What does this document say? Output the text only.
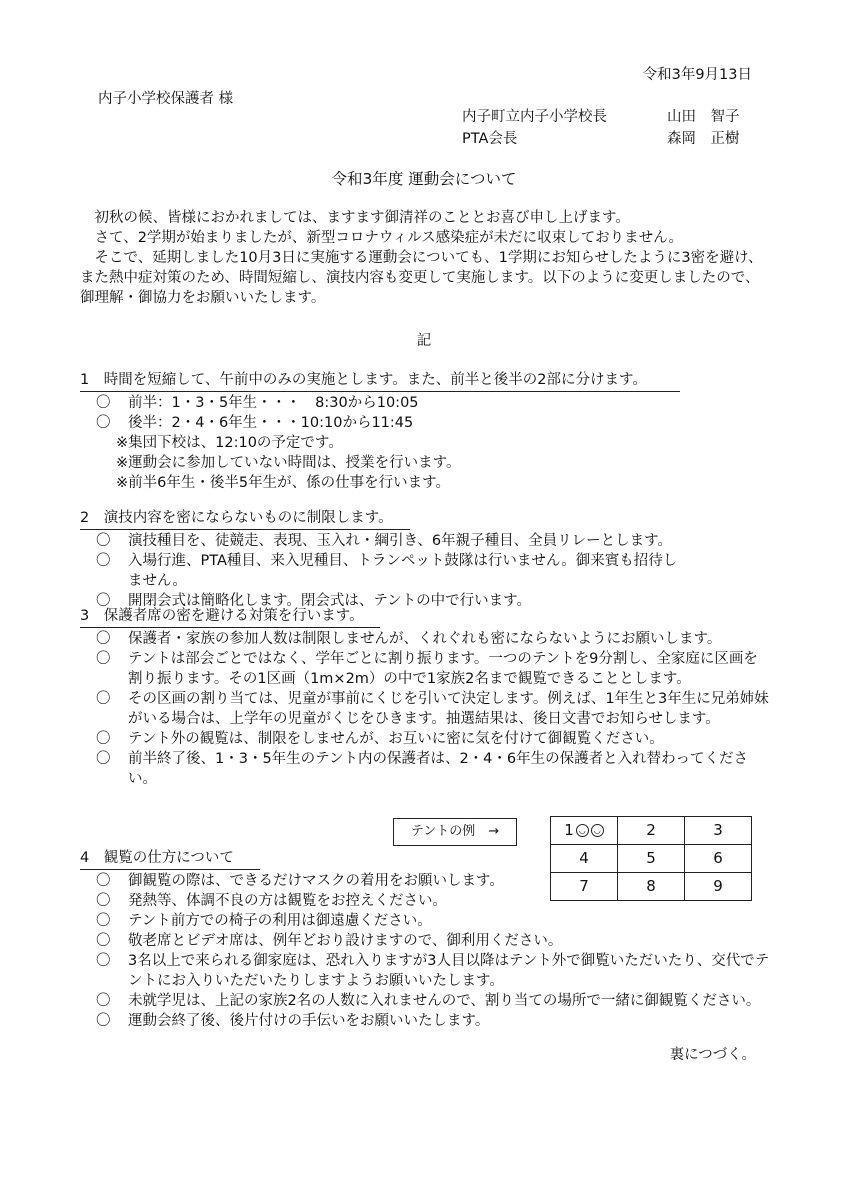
令和3年9月13日
内子小学校保護者 様
内子町立内子小学校長	山田　智子
PTA会長	森岡　正樹
令和3年度 運動会について

初秋の候、皆様におかれましては、ますます御清祥のこととお喜び申し上げます。

さて、2学期が始まりましたが、新型コロナウィルス感染症が未だに収束しておりません。

そこで、延期しました10月3日に実施する運動会についても、1学期にお知らせしたように3密を避け、また熱中症対策のため、時間短縮し、演技内容も変更して実施します。以下のように変更しましたので、御理解・御協力をお願いいたします。

記
1　時間を短縮して、午前中のみの実施とします。また、前半と後半の2部に分けます。
〇	前半：1・3・5年生・・・　8:30から10:05
〇	後半：2・4・6年生・・・10:10から11:45
※集団下校は、12:10の予定です。
※運動会に参加していない時間は、授業を行います。
※前半6年生・後半5年生が、係の仕事を行います。
2　演技内容を密にならないものに制限します。
〇	演技種目を、徒競走、表現、玉入れ・綱引き、6年親子種目、全員リレーとします。
〇	入場行進、PTA種目、来入児種目、トランペット鼓隊は行いません。御来賓も招待しません。
〇	開閉会式は簡略化します。閉会式は、テントの中で行います。
3　保護者席の密を避ける対策を行います。
〇	保護者・家族の参加人数は制限しませんが、くれぐれも密にならないようにお願いします。
〇	テントは部会ごとではなく、学年ごとに割り振ります。一つのテントを9分割し、全家庭に区画を割り振ります。その1区画（1m×2m）の中で1家族2名まで観覧できることとします。
〇	その区画の割り当ては、児童が事前にくじを引いて決定します。例えば、1年生と3年生に兄弟姉妹がいる場合は、上学年の児童がくじをひきます。抽選結果は、後日文書でお知らせします。
〇	テント外の観覧は、制限をしませんが、お互いに密に気を付けて御観覧ください。
〇	前半終了後、1・3・5年生のテント内の保護者は、2・4・6年生の保護者と入れ替わってください。
テントの例　→	1 ◡ ◡	2	3
4	5	6
7	8	9
4　観覧の仕方について
〇	御観覧の際は、できるだけマスクの着用をお願いします。
〇	発熱等、体調不良の方は観覧をお控えください。
〇	テント前方での椅子の利用は御遠慮ください。
〇	敬老席とビデオ席は、例年どおり設けますので、御利用ください。
〇	3名以上で来られる御家庭は、恐れ入りますが3人目以降はテント外で御覧いただいたり、交代でテントにお入りいただいたりしますようお願いいたします。
〇	未就学児は、上記の家族2名の人数に入れませんので、割り当ての場所で一緒に御観覧ください。
〇	運動会終了後、後片付けの手伝いをお願いいたします。
裏につづく。
